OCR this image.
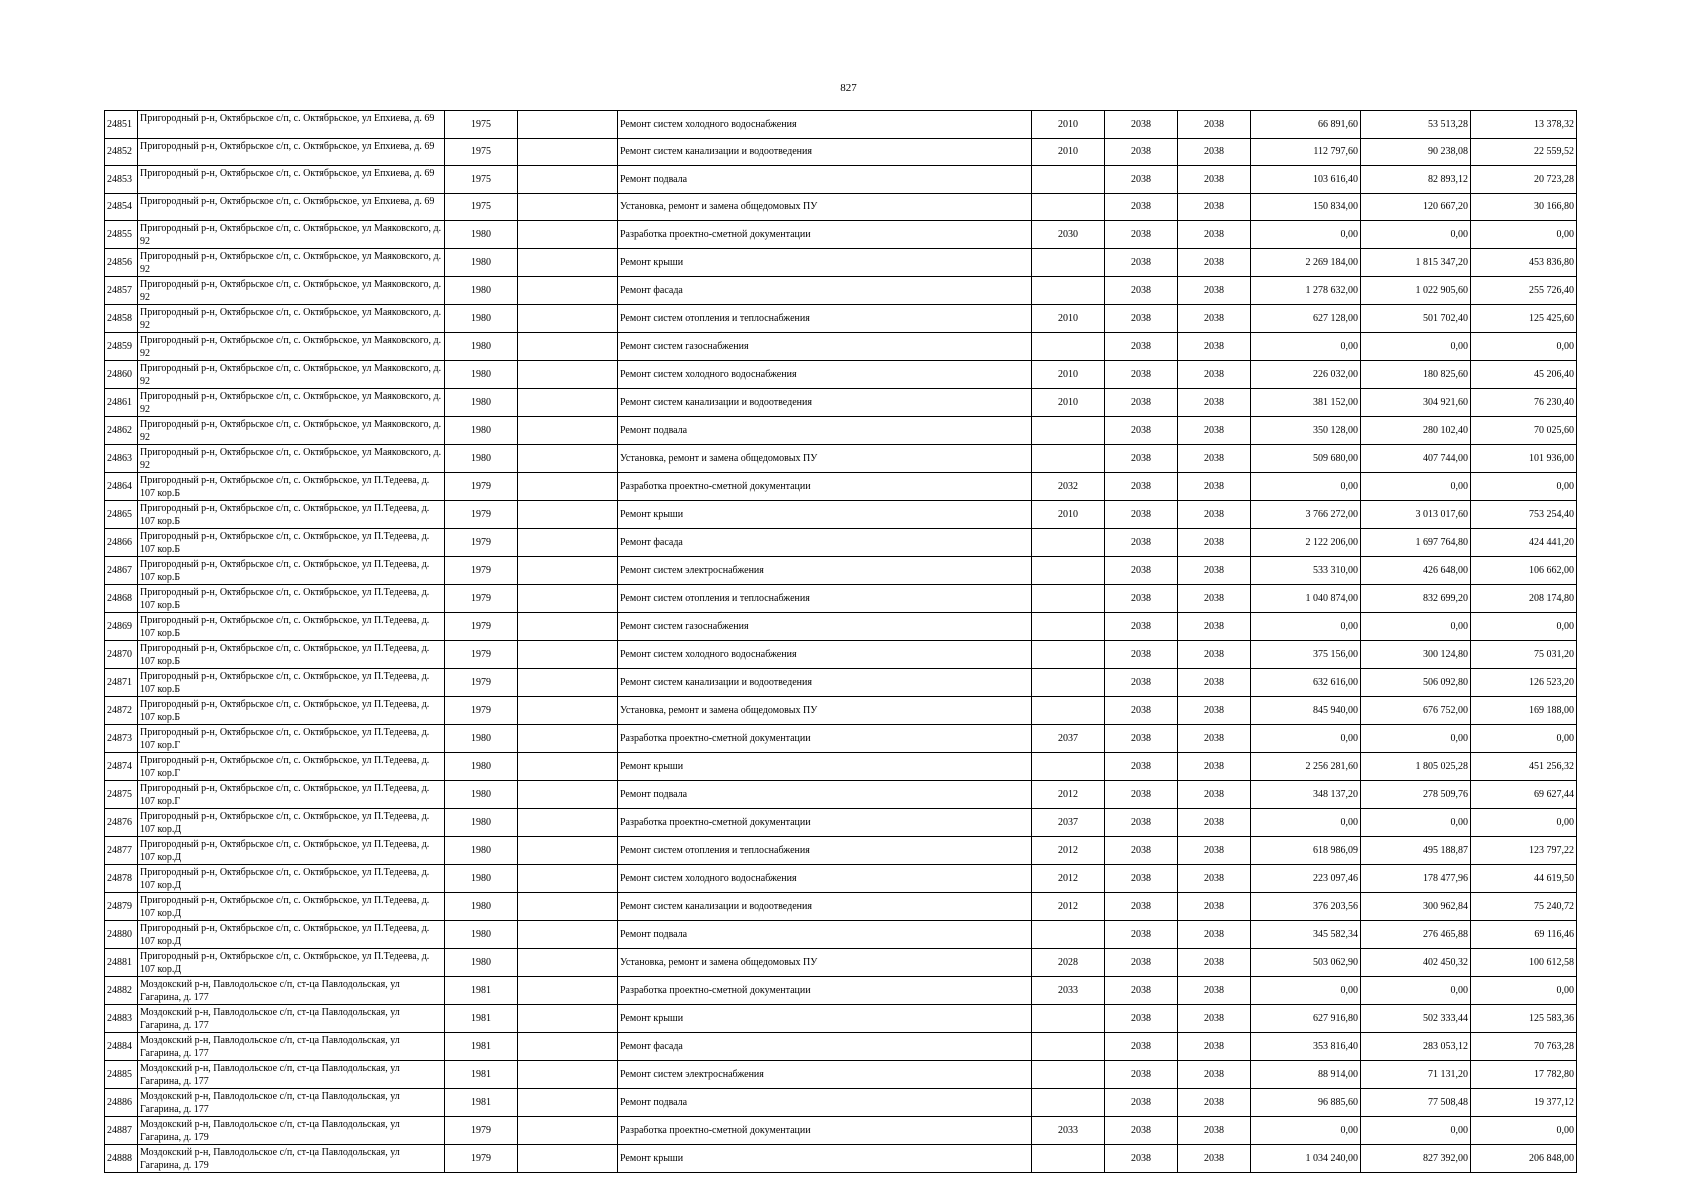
827
24851	Пригородный р-н, Октябрьское с/п, с. Октябрьское, ул Епхиева, д. 69	1975		Ремонт систем холодного водоснабжения	2010	2038	2038	66 891,60	53 513,28	13 378,32
24852	Пригородный р-н, Октябрьское с/п, с. Октябрьское, ул Епхиева, д. 69	1975		Ремонт систем канализации и водоотведения	2010	2038	2038	112 797,60	90 238,08	22 559,52
24853	Пригородный р-н, Октябрьское с/п, с. Октябрьское, ул Епхиева, д. 69	1975		Ремонт подвала		2038	2038	103 616,40	82 893,12	20 723,28
24854	Пригородный р-н, Октябрьское с/п, с. Октябрьское, ул Епхиева, д. 69	1975		Установка, ремонт и замена общедомовых ПУ		2038	2038	150 834,00	120 667,20	30 166,80
24855	Пригородный р-н, Октябрьское с/п, с. Октябрьское, ул Маяковского, д. 92	1980		Разработка проектно-сметной документации	2030	2038	2038	0,00	0,00	0,00
24856	Пригородный р-н, Октябрьское с/п, с. Октябрьское, ул Маяковского, д. 92	1980		Ремонт крыши		2038	2038	2 269 184,00	1 815 347,20	453 836,80
24857	Пригородный р-н, Октябрьское с/п, с. Октябрьское, ул Маяковского, д. 92	1980		Ремонт фасада		2038	2038	1 278 632,00	1 022 905,60	255 726,40
24858	Пригородный р-н, Октябрьское с/п, с. Октябрьское, ул Маяковского, д. 92	1980		Ремонт систем отопления и теплоснабжения	2010	2038	2038	627 128,00	501 702,40	125 425,60
24859	Пригородный р-н, Октябрьское с/п, с. Октябрьское, ул Маяковского, д. 92	1980		Ремонт систем газоснабжения		2038	2038	0,00	0,00	0,00
24860	Пригородный р-н, Октябрьское с/п, с. Октябрьское, ул Маяковского, д. 92	1980		Ремонт систем холодного водоснабжения	2010	2038	2038	226 032,00	180 825,60	45 206,40
24861	Пригородный р-н, Октябрьское с/п, с. Октябрьское, ул Маяковского, д. 92	1980		Ремонт систем канализации и водоотведения	2010	2038	2038	381 152,00	304 921,60	76 230,40
24862	Пригородный р-н, Октябрьское с/п, с. Октябрьское, ул Маяковского, д. 92	1980		Ремонт подвала		2038	2038	350 128,00	280 102,40	70 025,60
24863	Пригородный р-н, Октябрьское с/п, с. Октябрьское, ул Маяковского, д. 92	1980		Установка, ремонт и замена общедомовых ПУ		2038	2038	509 680,00	407 744,00	101 936,00
24864	Пригородный р-н, Октябрьское с/п, с. Октябрьское, ул П.Тедеева, д. 107 кор.Б	1979		Разработка проектно-сметной документации	2032	2038	2038	0,00	0,00	0,00
24865	Пригородный р-н, Октябрьское с/п, с. Октябрьское, ул П.Тедеева, д. 107 кор.Б	1979		Ремонт крыши	2010	2038	2038	3 766 272,00	3 013 017,60	753 254,40
24866	Пригородный р-н, Октябрьское с/п, с. Октябрьское, ул П.Тедеева, д. 107 кор.Б	1979		Ремонт фасада		2038	2038	2 122 206,00	1 697 764,80	424 441,20
24867	Пригородный р-н, Октябрьское с/п, с. Октябрьское, ул П.Тедеева, д. 107 кор.Б	1979		Ремонт систем электроснабжения		2038	2038	533 310,00	426 648,00	106 662,00
24868	Пригородный р-н, Октябрьское с/п, с. Октябрьское, ул П.Тедеева, д. 107 кор.Б	1979		Ремонт систем отопления и теплоснабжения		2038	2038	1 040 874,00	832 699,20	208 174,80
24869	Пригородный р-н, Октябрьское с/п, с. Октябрьское, ул П.Тедеева, д. 107 кор.Б	1979		Ремонт систем газоснабжения		2038	2038	0,00	0,00	0,00
24870	Пригородный р-н, Октябрьское с/п, с. Октябрьское, ул П.Тедеева, д. 107 кор.Б	1979		Ремонт систем холодного водоснабжения		2038	2038	375 156,00	300 124,80	75 031,20
24871	Пригородный р-н, Октябрьское с/п, с. Октябрьское, ул П.Тедеева, д. 107 кор.Б	1979		Ремонт систем канализации и водоотведения		2038	2038	632 616,00	506 092,80	126 523,20
24872	Пригородный р-н, Октябрьское с/п, с. Октябрьское, ул П.Тедеева, д. 107 кор.Б	1979		Установка, ремонт и замена общедомовых ПУ		2038	2038	845 940,00	676 752,00	169 188,00
24873	Пригородный р-н, Октябрьское с/п, с. Октябрьское, ул П.Тедеева, д. 107 кор.Г	1980		Разработка проектно-сметной документации	2037	2038	2038	0,00	0,00	0,00
24874	Пригородный р-н, Октябрьское с/п, с. Октябрьское, ул П.Тедеева, д. 107 кор.Г	1980		Ремонт крыши		2038	2038	2 256 281,60	1 805 025,28	451 256,32
24875	Пригородный р-н, Октябрьское с/п, с. Октябрьское, ул П.Тедеева, д. 107 кор.Г	1980		Ремонт подвала	2012	2038	2038	348 137,20	278 509,76	69 627,44
24876	Пригородный р-н, Октябрьское с/п, с. Октябрьское, ул П.Тедеева, д. 107 кор.Д	1980		Разработка проектно-сметной документации	2037	2038	2038	0,00	0,00	0,00
24877	Пригородный р-н, Октябрьское с/п, с. Октябрьское, ул П.Тедеева, д. 107 кор.Д	1980		Ремонт систем отопления и теплоснабжения	2012	2038	2038	618 986,09	495 188,87	123 797,22
24878	Пригородный р-н, Октябрьское с/п, с. Октябрьское, ул П.Тедеева, д. 107 кор.Д	1980		Ремонт систем холодного водоснабжения	2012	2038	2038	223 097,46	178 477,96	44 619,50
24879	Пригородный р-н, Октябрьское с/п, с. Октябрьское, ул П.Тедеева, д. 107 кор.Д	1980		Ремонт систем канализации и водоотведения	2012	2038	2038	376 203,56	300 962,84	75 240,72
24880	Пригородный р-н, Октябрьское с/п, с. Октябрьское, ул П.Тедеева, д. 107 кор.Д	1980		Ремонт подвала		2038	2038	345 582,34	276 465,88	69 116,46
24881	Пригородный р-н, Октябрьское с/п, с. Октябрьское, ул П.Тедеева, д. 107 кор.Д	1980		Установка, ремонт и замена общедомовых ПУ	2028	2038	2038	503 062,90	402 450,32	100 612,58
24882	Моздокский р-н, Павлодольское с/п, ст-ца Павлодольская, ул Гагарина, д. 177	1981		Разработка проектно-сметной документации	2033	2038	2038	0,00	0,00	0,00
24883	Моздокский р-н, Павлодольское с/п, ст-ца Павлодольская, ул Гагарина, д. 177	1981		Ремонт крыши		2038	2038	627 916,80	502 333,44	125 583,36
24884	Моздокский р-н, Павлодольское с/п, ст-ца Павлодольская, ул Гагарина, д. 177	1981		Ремонт фасада		2038	2038	353 816,40	283 053,12	70 763,28
24885	Моздокский р-н, Павлодольское с/п, ст-ца Павлодольская, ул Гагарина, д. 177	1981		Ремонт систем электроснабжения		2038	2038	88 914,00	71 131,20	17 782,80
24886	Моздокский р-н, Павлодольское с/п, ст-ца Павлодольская, ул Гагарина, д. 177	1981		Ремонт подвала		2038	2038	96 885,60	77 508,48	19 377,12
24887	Моздокский р-н, Павлодольское с/п, ст-ца Павлодольская, ул Гагарина, д. 179	1979		Разработка проектно-сметной документации	2033	2038	2038	0,00	0,00	0,00
24888	Моздокский р-н, Павлодольское с/п, ст-ца Павлодольская, ул Гагарина, д. 179	1979		Ремонт крыши		2038	2038	1 034 240,00	827 392,00	206 848,00
